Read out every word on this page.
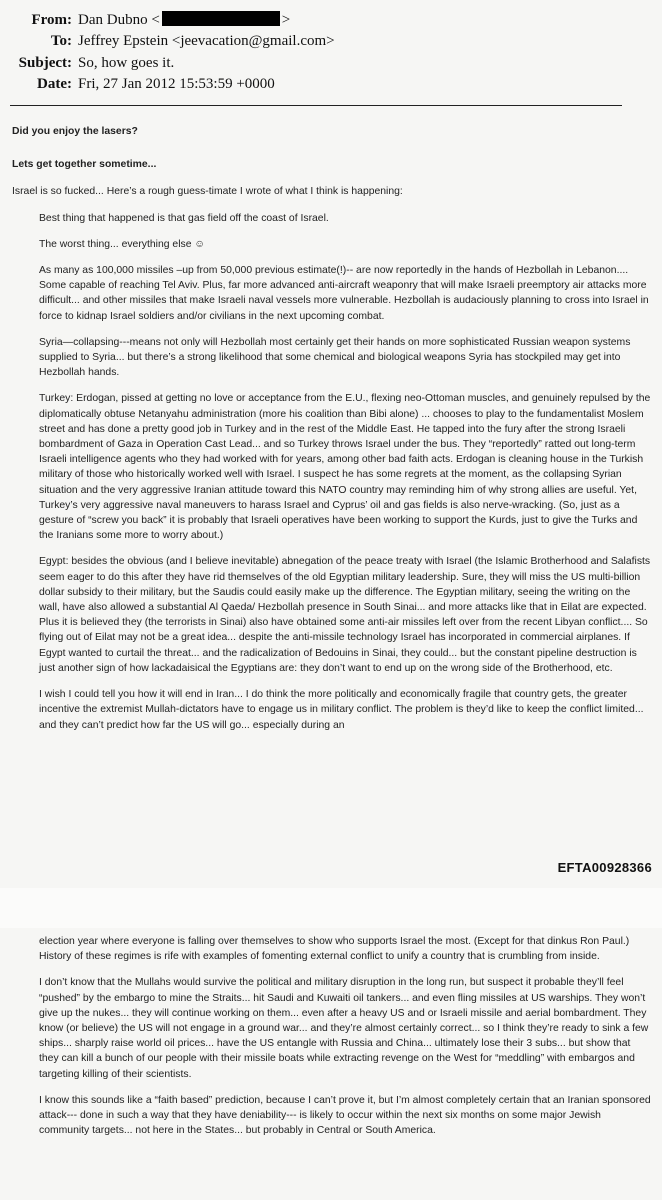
From: Dan Dubno <	>
To: Jeffrey Epstein <jeevacation@gmail.com>
Subject: So, how goes it.
Date: Fri, 27 Jan 2012 15:53:59 +0000

Did you enjoy the lasers?

Lets get together sometime...

Israel is so fucked... Here’s a rough guess-timate I wrote of what I think is happening:

Best thing that happened is that gas field off the coast of Israel.

The worst thing... everything else ☺

As many as 100,000 missiles –up from 50,000 previous estimate(!)-- are now reportedly in the hands of Hezbollah in Lebanon.... Some capable of reaching Tel Aviv. Plus, far more advanced anti-aircraft weaponry that will make Israeli preemptory air attacks more difficult... and other missiles that make Israeli naval vessels more vulnerable. Hezbollah is audaciously planning to cross into Israel in force to kidnap Israel soldiers and/or civilians in the next upcoming combat.

Syria—collapsing---means not only will Hezbollah most certainly get their hands on more sophisticated Russian weapon systems supplied to Syria... but there’s a strong likelihood that some chemical and biological weapons Syria has stockpiled may get into Hezbollah hands.

Turkey: Erdogan, pissed at getting no love or acceptance from the E.U., flexing neo-Ottoman muscles, and genuinely repulsed by the diplomatically obtuse Netanyahu administration (more his coalition than Bibi alone) ... chooses to play to the fundamentalist Moslem street and has done a pretty good job in Turkey and in the rest of the Middle East. He tapped into the fury after the strong Israeli bombardment of Gaza in Operation Cast Lead... and so Turkey throws Israel under the bus. They “reportedly” ratted out long-term Israeli intelligence agents who they had worked with for years, among other bad faith acts. Erdogan is cleaning house in the Turkish military of those who historically worked well with Israel. I suspect he has some regrets at the moment, as the collapsing Syrian situation and the very aggressive Iranian attitude toward this NATO country may reminding him of why strong allies are useful. Yet, Turkey’s very aggressive naval maneuvers to harass Israel and Cyprus’ oil and gas fields is also nerve-wracking. (So, just as a gesture of “screw you back” it is probably that Israeli operatives have been working to support the Kurds, just to give the Turks and the Iranians some more to worry about.)

Egypt: besides the obvious (and I believe inevitable) abnegation of the peace treaty with Israel (the Islamic Brotherhood and Salafists seem eager to do this after they have rid themselves of the old Egyptian military leadership. Sure, they will miss the US multi-billion dollar subsidy to their military, but the Saudis could easily make up the difference. The Egyptian military, seeing the writing on the wall, have also allowed a substantial Al Qaeda/ Hezbollah presence in South Sinai... and more attacks like that in Eilat are expected. Plus it is believed they (the terrorists in Sinai) also have obtained some anti-air missiles left over from the recent Libyan conflict.... So flying out of Eilat may not be a great idea... despite the anti-missile technology Israel has incorporated in commercial airplanes. If Egypt wanted to curtail the threat... and the radicalization of Bedouins in Sinai, they could... but the constant pipeline destruction is just another sign of how lackadaisical the Egyptians are: they don’t want to end up on the wrong side of the Brotherhood, etc.

I wish I could tell you how it will end in Iran... I do think the more politically and economically fragile that country gets, the greater incentive the extremist Mullah-dictators have to engage us in military conflict. The problem is they’d like to keep the conflict limited... and they can’t predict how far the US will go... especially during an

EFTA00928366

election year where everyone is falling over themselves to show who supports Israel the most. (Except for that dinkus Ron Paul.) History of these regimes is rife with examples of fomenting external conflict to unify a country that is crumbling from inside.

I don’t know that the Mullahs would survive the political and military disruption in the long run, but suspect it probable they’ll feel “pushed” by the embargo to mine the Straits... hit Saudi and Kuwaiti oil tankers... and even fling missiles at US warships. They won’t give up the nukes... they will continue working on them... even after a heavy US and or Israeli missile and aerial bombardment. They know (or believe) the US will not engage in a ground war... and they’re almost certainly correct... so I think they’re ready to sink a few ships... sharply raise world oil prices... have the US entangle with Russia and China... ultimately lose their 3 subs... but show that they can kill a bunch of our people with their missile boats while extracting revenge on the West for “meddling” with embargos and targeting killing of their scientists.

I know this sounds like a “faith based” prediction, because I can’t prove it, but I’m almost completely certain that an Iranian sponsored attack--- done in such a way that they have deniability--- is likely to occur within the next six months on some major Jewish community targets... not here in the States... but probably in Central or South America.
